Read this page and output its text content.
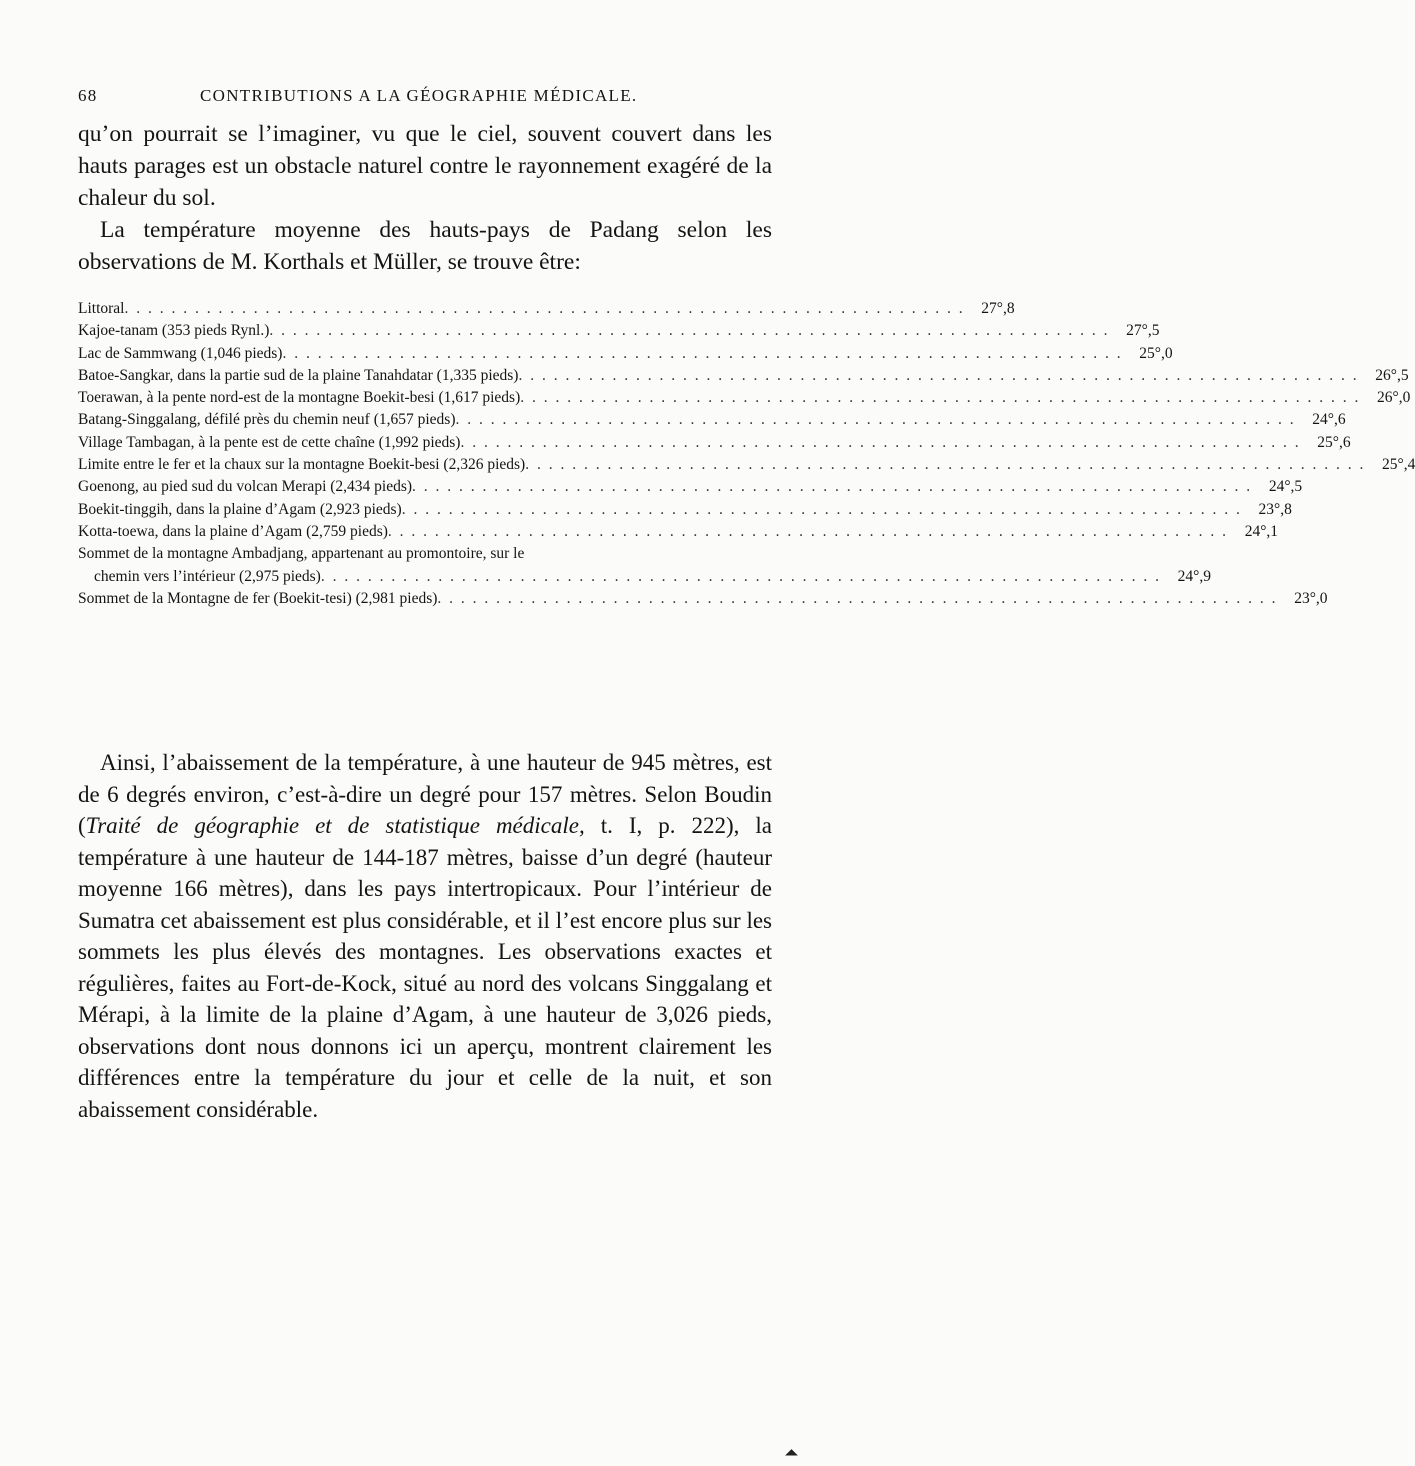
68	CONTRIBUTIONS A LA GÉOGRAPHIE MÉDICALE.
qu’on pourrait se l’imaginer, vu que le ciel, souvent couvert dans les hauts parages est un obstacle naturel contre le rayonnement exagéré de la chaleur du sol.
La température moyenne des hauts-pays de Padang selon les observations de M. Korthals et Müller, se trouve être:
Littoral . . .	27°,8
Kajoe-tanam (353 pieds Rynl.) . . .	27°,5
Lac de Sammwang (1,046 pieds) . . .	25°,0
Batoe-Sangkar, dans la partie sud de la plaine Tanahdatar (1,335 pieds) . . .	26°,5
Toerawan, à la pente nord-est de la montagne Boekit-besi (1,617 pieds) . . .	26°,0
Batang-Singgalang, défilé près du chemin neuf (1,657 pieds) . . .	24°,6
Village Tambagan, à la pente est de cette chaîne (1,992 pieds) . . .	25°,6
Limite entre le fer et la chaux sur la montagne Boekit-besi (2,326 pieds) . . .	25°,4
Goenong, au pied sud du volcan Merapi (2,434 pieds) . . .	24°,5
Boekit-tinggih, dans la plaine d’Agam (2,923 pieds) . . .	23°,8
Kotta-toewa, dans la plaine d’Agam (2,759 pieds) . . .	24°,1
Sommet de la montagne Ambadjang, appartenant au promontoire, sur le
chemin vers l’intérieur (2,975 pieds) . . .	24°,9
Sommet de la Montagne de fer (Boekit-tesi) (2,981 pieds) . . .	23°,0

Ainsi, l’abaissement de la température, à une hauteur de 945 mètres, est de 6 degrés environ, c’est-à-dire un degré pour 157 mètres. Selon Boudin (Traité de géographie et de statistique médicale, t. I, p. 222), la température à une hauteur de 144-187 mètres, baisse d’un degré (hauteur moyenne 166 mètres), dans les pays intertropicaux. Pour l’intérieur de Sumatra cet abaissement est plus considérable, et il l’est encore plus sur les sommets les plus élevés des montagnes. Les observations exactes et régulières, faites au Fort-de-Kock, situé au nord des volcans Singgalang et Mérapi, à la limite de la plaine d’Agam, à une hauteur de 3,026 pieds, observations dont nous donnons ici un aperçu, montrent clairement les différences entre la température du jour et celle de la nuit, et son abaissement considérable.
